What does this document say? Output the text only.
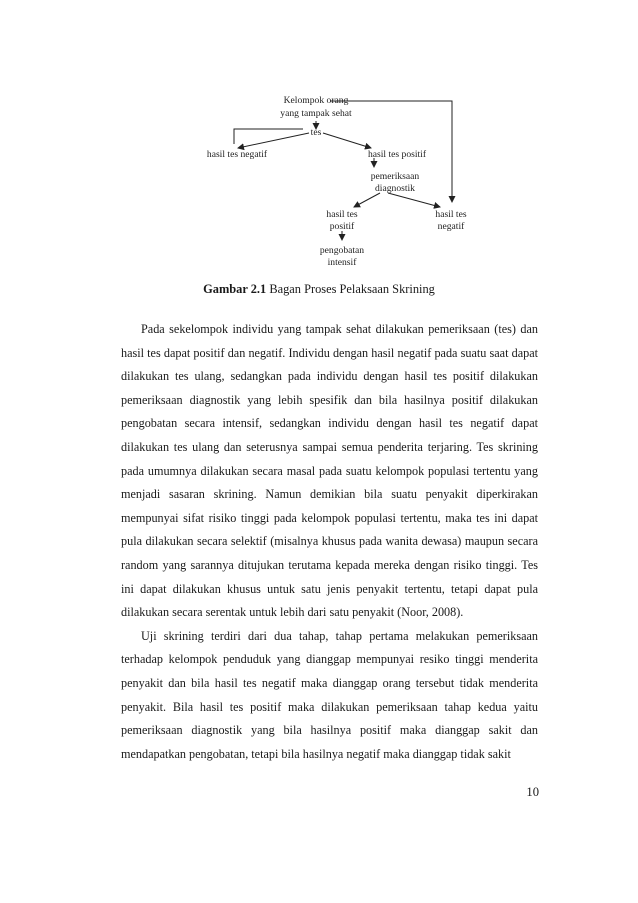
Kelompok orang
yang tampak sehat
tes
hasil tes negatif	hasil tes positif
pemeriksaan
diagnostik
hasil tes
positif
hasil tes
negatif
pengobatan
intensif
Gambar 2.1 Bagan Proses Pelaksaan Skrining

Pada sekelompok individu yang tampak sehat dilakukan pemeriksaan (tes) dan hasil tes dapat positif dan negatif. Individu dengan hasil negatif pada suatu saat dapat dilakukan tes ulang, sedangkan pada individu dengan hasil tes positif dilakukan pemeriksaan diagnostik yang lebih spesifik dan bila hasilnya positif dilakukan pengobatan secara intensif, sedangkan individu dengan hasil tes negatif dapat dilakukan tes ulang dan seterusnya sampai semua penderita terjaring. Tes skrining pada umumnya dilakukan secara masal pada suatu kelompok populasi tertentu yang menjadi sasaran skrining. Namun demikian bila suatu penyakit diperkirakan mempunyai sifat risiko tinggi pada kelompok populasi tertentu, maka tes ini dapat pula dilakukan secara selektif (misalnya khusus pada wanita dewasa) maupun secara random yang sarannya ditujukan terutama kepada mereka dengan risiko tinggi. Tes ini dapat dilakukan khusus untuk satu jenis penyakit tertentu, tetapi dapat pula dilakukan secara serentak untuk lebih dari satu penyakit (Noor, 2008).

Uji skrining terdiri dari dua tahap, tahap pertama melakukan pemeriksaan terhadap kelompok penduduk yang dianggap mempunyai resiko tinggi menderita penyakit dan bila hasil tes negatif maka dianggap orang tersebut tidak menderita penyakit. Bila hasil tes positif maka dilakukan pemeriksaan tahap kedua yaitu pemeriksaan diagnostik yang bila hasilnya positif maka dianggap sakit dan mendapatkan pengobatan, tetapi bila hasilnya negatif maka dianggap tidak sakit

10
